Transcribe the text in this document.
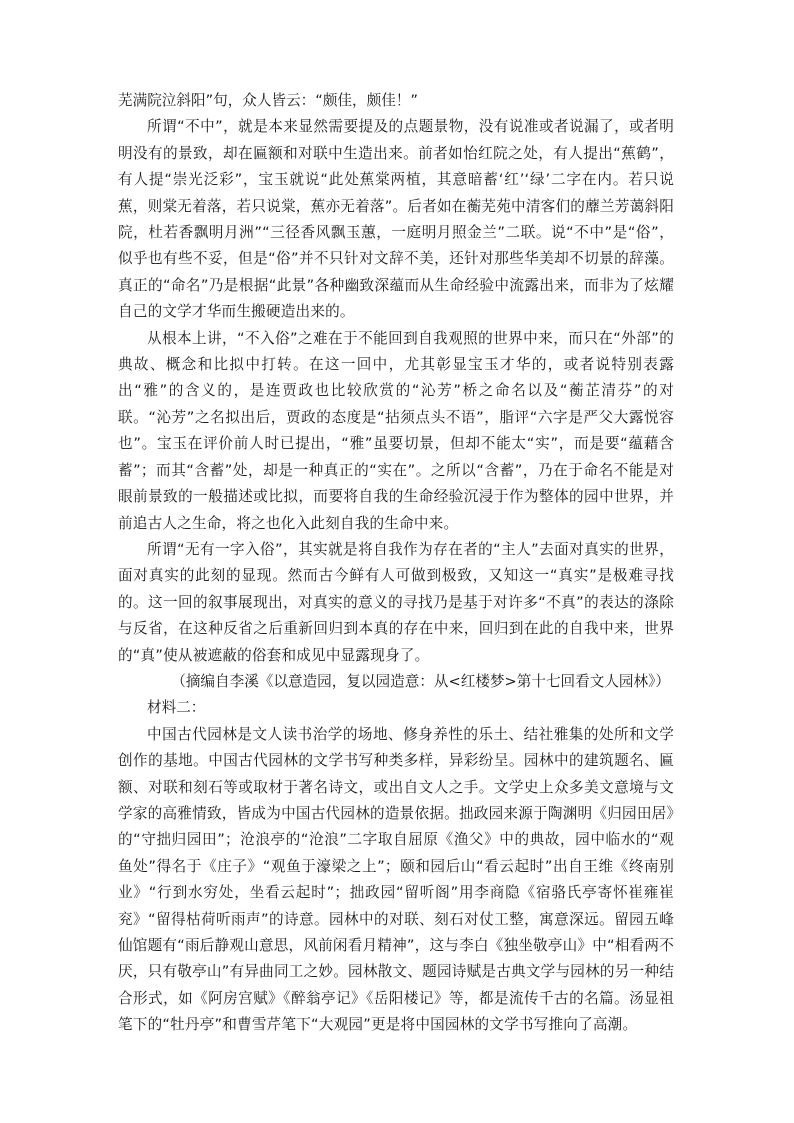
芜满院泣斜阳”句，众人皆云：“颇佳，颇佳！”

所谓“不中”，就是本来显然需要提及的点题景物，没有说准或者说漏了，或者明明没有的景致，却在匾额和对联中生造出来。前者如怡红院之处，有人提出“蕉鹤”，有人提“崇光泛彩”，宝玉就说“此处蕉棠两植，其意暗蓄‘红’‘绿’二字在内。若只说蕉，则棠无着落，若只说棠，蕉亦无着落”。后者如在蘅芜苑中清客们的蘼兰芳蔼斜阳院，杜若香飘明月洲”“三径香风飘玉蕙，一庭明月照金兰”二联。说“不中”是“俗”，似乎也有些不妥，但是“俗”并不只针对文辞不美，还针对那些华美却不切景的辞藻。真正的“命名”乃是根据“此景”各种幽致深蕴而从生命经验中流露出来，而非为了炫耀自己的文学才华而生搬硬造出来的。

从根本上讲，“不入俗”之难在于不能回到自我观照的世界中来，而只在“外部”的典故、概念和比拟中打转。在这一回中，尤其彰显宝玉才华的，或者说特别表露出“雅”的含义的，是连贾政也比较欣赏的“沁芳”桥之命名以及“蘅芷清芬”的对联。“沁芳”之名拟出后，贾政的态度是“拈须点头不语”，脂评“六字是严父大露悦容也”。宝玉在评价前人时已提出，“雅”虽要切景，但却不能太“实”，而是要“蕴藉含蓄”；而其“含蓄”处，却是一种真正的“实在”。之所以“含蓄”，乃在于命名不能是对眼前景致的一般描述或比拟，而要将自我的生命经验沉浸于作为整体的园中世界，并前追古人之生命，将之也化入此刻自我的生命中来。

所谓“无有一字入俗”，其实就是将自我作为存在者的“主人”去面对真实的世界，面对真实的此刻的显现。然而古今鲜有人可做到极致，又知这一“真实”是极难寻找的。这一回的叙事展现出，对真实的意义的寻找乃是基于对许多“不真”的表达的涤除与反省，在这种反省之后重新回归到本真的存在中来，回归到在此的自我中来，世界的“真”使从被遮蔽的俗套和成见中显露现身了。

（摘编自李溪《以意造园，复以园造意：从<红楼梦>第十七回看文人园林》）

材料二：

中国古代园林是文人读书治学的场地、修身养性的乐土、结社雅集的处所和文学创作的基地。中国古代园林的文学书写种类多样，异彩纷呈。园林中的建筑题名、匾额、对联和刻石等或取材于著名诗文，或出自文人之手。文学史上众多美文意境与文学家的高雅情致，皆成为中国古代园林的造景依据。拙政园来源于陶渊明《归园田居》的“守拙归园田”；沧浪亭的“沧浪”二字取自屈原《渔父》中的典故，园中临水的“观鱼处”得名于《庄子》“观鱼于濠梁之上”；颐和园后山“看云起时”出自王维《终南别业》“行到水穷处，坐看云起时”；拙政园“留听阁”用李商隐《宿骆氏亭寄怀崔雍崔兖》“留得枯荷听雨声”的诗意。园林中的对联、刻石对仗工整，寓意深远。留园五峰仙馆题有“雨后静观山意思，风前闲看月精神”，这与李白《独坐敬亭山》中“相看两不厌，只有敬亭山”有异曲同工之妙。园林散文、题园诗赋是古典文学与园林的另一种结合形式，如《阿房宫赋》《醉翁亭记》《岳阳楼记》等，都是流传千古的名篇。汤显祖笔下的“牡丹亭”和曹雪芹笔下“大观园”更是将中国园林的文学书写推向了高潮。
